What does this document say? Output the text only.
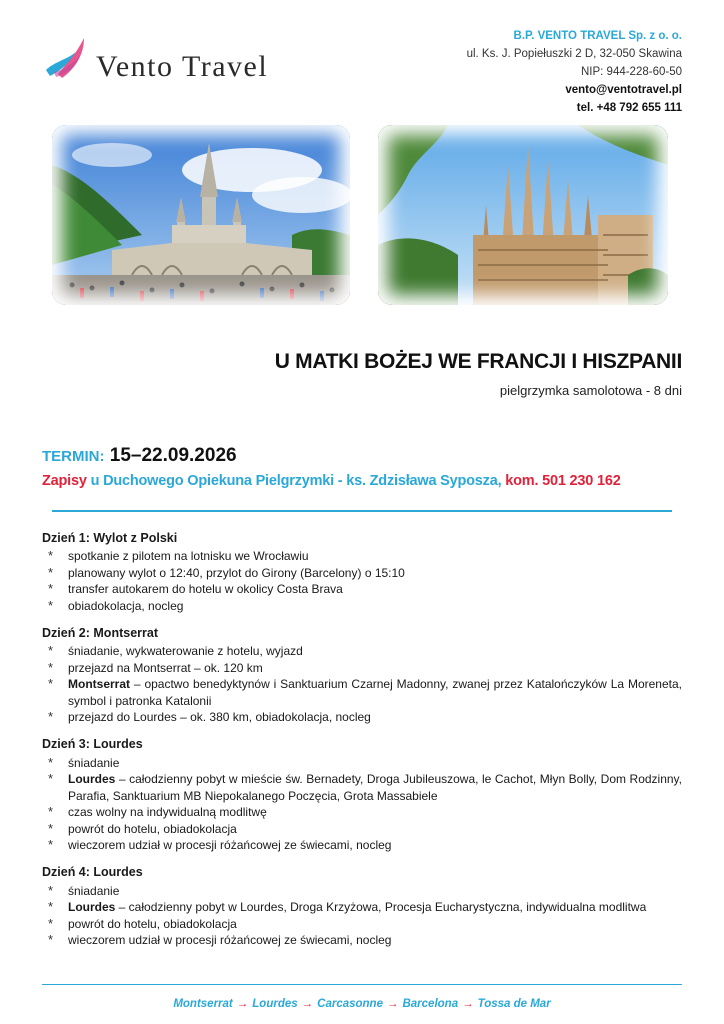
Vento Travel
B.P. VENTO TRAVEL Sp. z o. o.
ul. Ks. J. Popiełuszki 2 D, 32-050 Skawina
NIP: 944-228-60-50
vento@ventotravel.pl
tel. +48 792 655 111
U MATKI BOŻEJ WE FRANCJI I HISZPANII
pielgrzymka samolotowa - 8 dni
TERMIN: 15–22.09.2026
Zapisy u Duchowego Opiekuna Pielgrzymki - ks. Zdzisława Syposza, kom. 501 230 162
Dzień 1: Wylot z Polski
* spotkanie z pilotem na lotnisku we Wrocławiu
* planowany wylot o 12:40, przylot do Girony (Barcelony) o 15:10
* transfer autokarem do hotelu w okolicy Costa Brava
* obiadokolacja, nocleg
Dzień 2: Montserrat
* śniadanie, wykwaterowanie z hotelu, wyjazd
* przejazd na Montserrat – ok. 120 km
* Montserrat – opactwo benedyktynów i Sanktuarium Czarnej Madonny, zwanej przez Katalończyków La Moreneta, symbol i patronka Katalonii
* przejazd do Lourdes – ok. 380 km, obiadokolacja, nocleg
Dzień 3: Lourdes
* śniadanie
* Lourdes – całodzienny pobyt w mieście św. Bernadety, Droga Jubileuszowa, le Cachot, Młyn Bolly, Dom Rodzinny, Parafia, Sanktuarium MB Niepokalanego Poczęcia, Grota Massabiele
* czas wolny na indywidualną modlitwę
* powrót do hotelu, obiadokolacja
* wieczorem udział w procesji różańcowej ze świecami, nocleg
Dzień 4: Lourdes
* śniadanie
* Lourdes – całodzienny pobyt w Lourdes, Droga Krzyżowa, Procesja Eucharystyczna, indywidualna modlitwa
* powrót do hotelu, obiadokolacja
* wieczorem udział w procesji różańcowej ze świecami, nocleg
Montserrat → Lourdes → Carcasonne → Barcelona → Tossa de Mar
